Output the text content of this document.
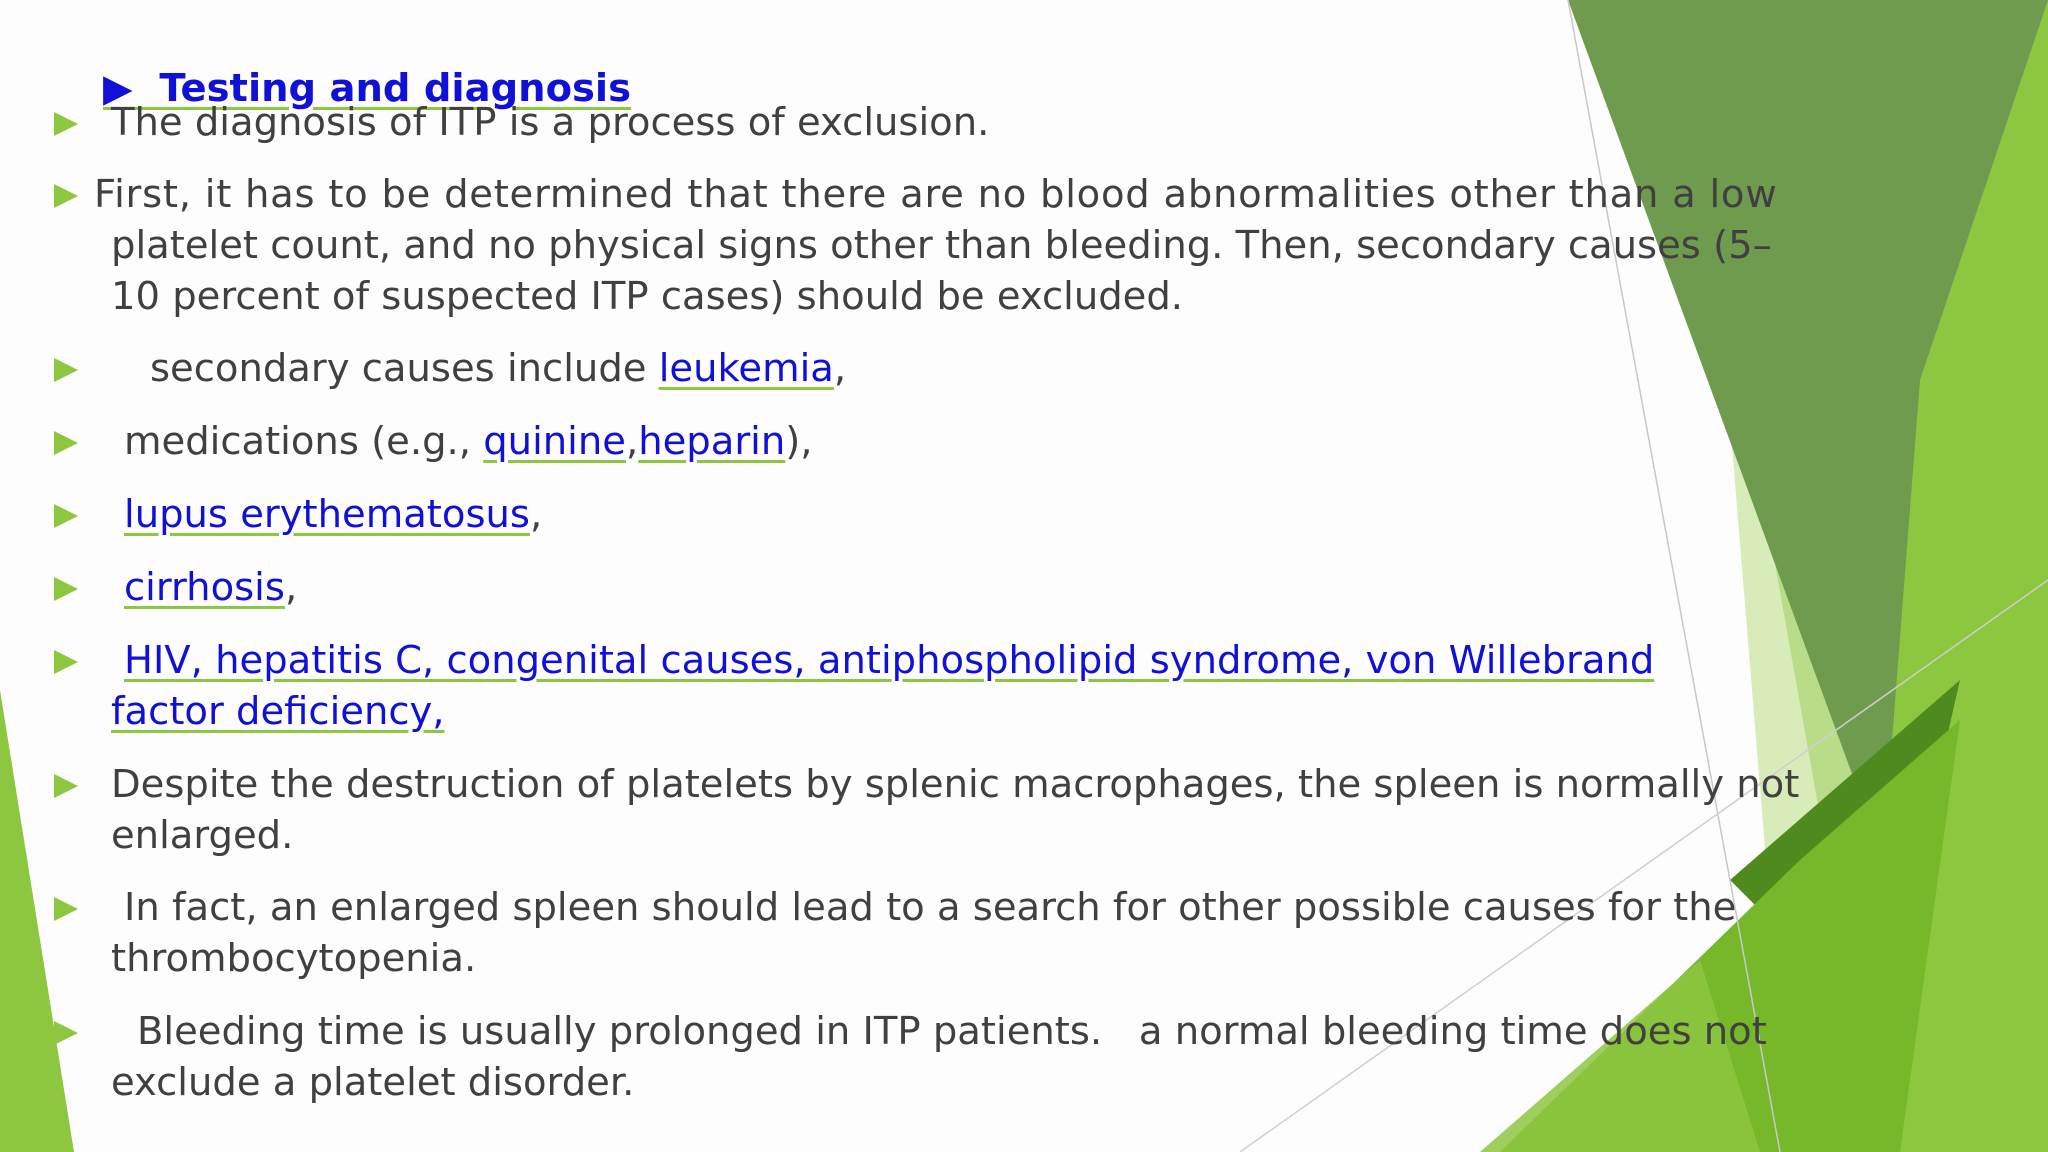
▶  Testing and diagnosis

The diagnosis of ITP is a process of exclusion.
First, it has to be determined that there are no blood abnormalities other than a low
platelet count, and no physical signs other than bleeding. Then, secondary causes (5–
10 percent of suspected ITP cases) should be excluded.
secondary causes include leukemia,
medications (e.g., quinine,heparin),
lupus erythematosus,
cirrhosis,
HIV, hepatitis C, congenital causes, antiphospholipid syndrome, von Willebrand
factor deficiency,
Despite the destruction of platelets by splenic macrophages, the spleen is normally not
enlarged.
In fact, an enlarged spleen should lead to a search for other possible causes for the
thrombocytopenia.
Bleeding time is usually prolonged in ITP patients.   a normal bleeding time does not
exclude a platelet disorder.
